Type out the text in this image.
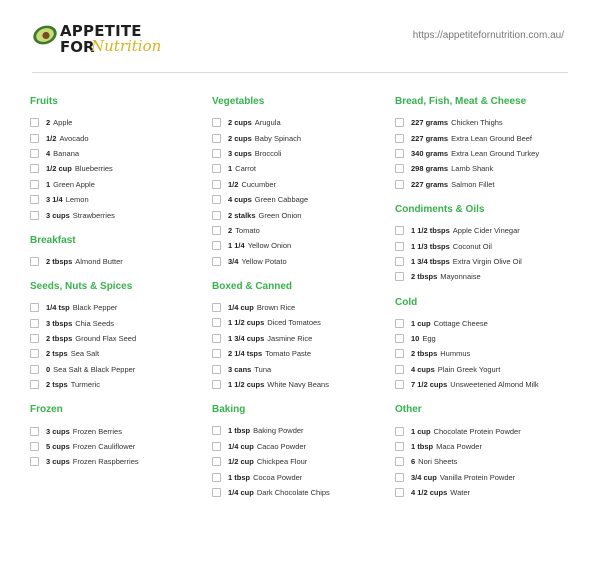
APPETITE
FOR
Nutrition
https://appetitefornutrition.com.au/
Fruits
2 Apple
1/2 Avocado
4 Banana
1/2 cup Blueberries
1 Green Apple
3 1/4 Lemon
3 cups Strawberries
Breakfast
2 tbsps Almond Butter
Seeds, Nuts & Spices
1/4 tsp Black Pepper
3 tbsps Chia Seeds
2 tbsps Ground Flax Seed
2 tsps Sea Salt
0 Sea Salt & Black Pepper
2 tsps Turmeric
Frozen
3 cups Frozen Berries
5 cups Frozen Cauliflower
3 cups Frozen Raspberries
Vegetables
2 cups Arugula
2 cups Baby Spinach
3 cups Broccoli
1 Carrot
1/2 Cucumber
4 cups Green Cabbage
2 stalks Green Onion
2 Tomato
1 1/4 Yellow Onion
3/4 Yellow Potato
Boxed & Canned
1/4 cup Brown Rice
1 1/2 cups Diced Tomatoes
1 3/4 cups Jasmine Rice
2 1/4 tsps Tomato Paste
3 cans Tuna
1 1/2 cups White Navy Beans
Baking
1 tbsp Baking Powder
1/4 cup Cacao Powder
1/2 cup Chickpea Flour
1 tbsp Cocoa Powder
1/4 cup Dark Chocolate Chips
Bread, Fish, Meat & Cheese
227 grams Chicken Thighs
227 grams Extra Lean Ground Beef
340 grams Extra Lean Ground Turkey
298 grams Lamb Shank
227 grams Salmon Fillet
Condiments & Oils
1 1/2 tbsps Apple Cider Vinegar
1 1/3 tbsps Coconut Oil
1 3/4 tbsps Extra Virgin Olive Oil
2 tbsps Mayonnaise
Cold
1 cup Cottage Cheese
10 Egg
2 tbsps Hummus
4 cups Plain Greek Yogurt
7 1/2 cups Unsweetened Almond Milk
Other
1 cup Chocolate Protein Powder
1 tbsp Maca Powder
6 Nori Sheets
3/4 cup Vanilla Protein Powder
4 1/2 cups Water
